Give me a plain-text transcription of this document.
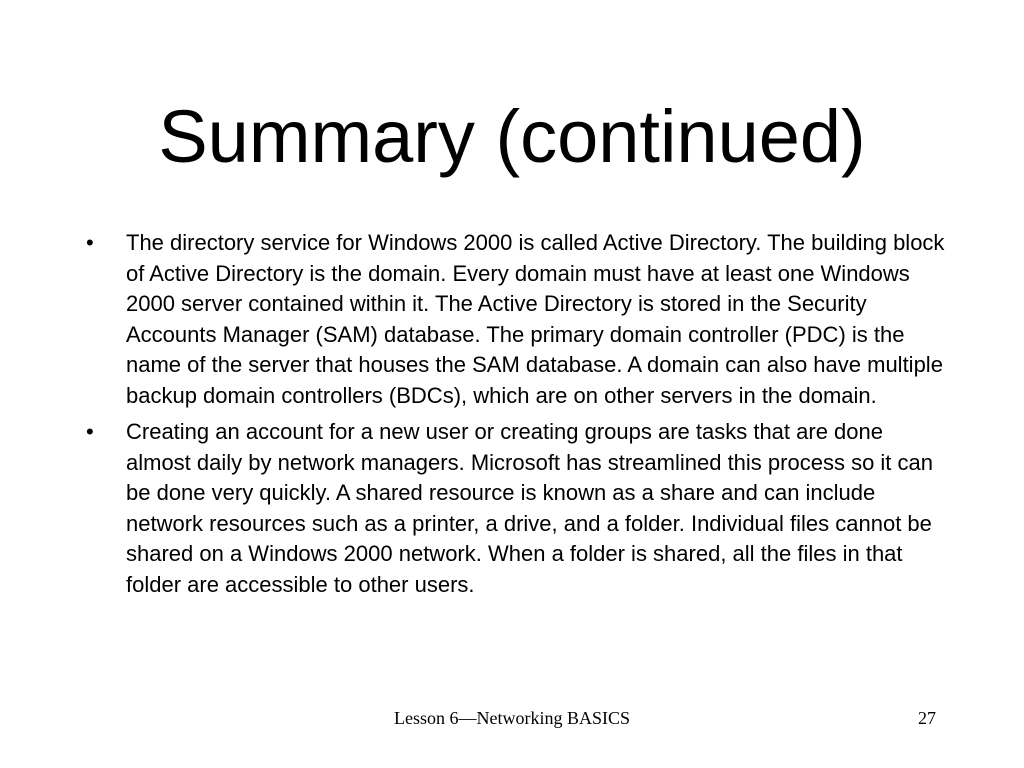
Summary (continued)
•	The directory service for Windows 2000 is called Active Directory. The building block of Active Directory is the domain. Every domain must have at least one Windows 2000 server contained within it. The Active Directory is stored in the Security Accounts Manager (SAM) database. The primary domain controller (PDC) is the name of the server that houses the SAM database. A domain can also have multiple backup domain controllers (BDCs), which are on other servers in the domain.
•	Creating an account for a new user or creating groups are tasks that are done almost daily by network managers. Microsoft has streamlined this process so it can be done very quickly. A shared resource is known as a share and can include network resources such as a printer, a drive, and a folder. Individual files cannot be shared on a Windows 2000 network. When a folder is shared, all the files in that folder are accessible to other users.
Lesson 6—Networking BASICS	27
